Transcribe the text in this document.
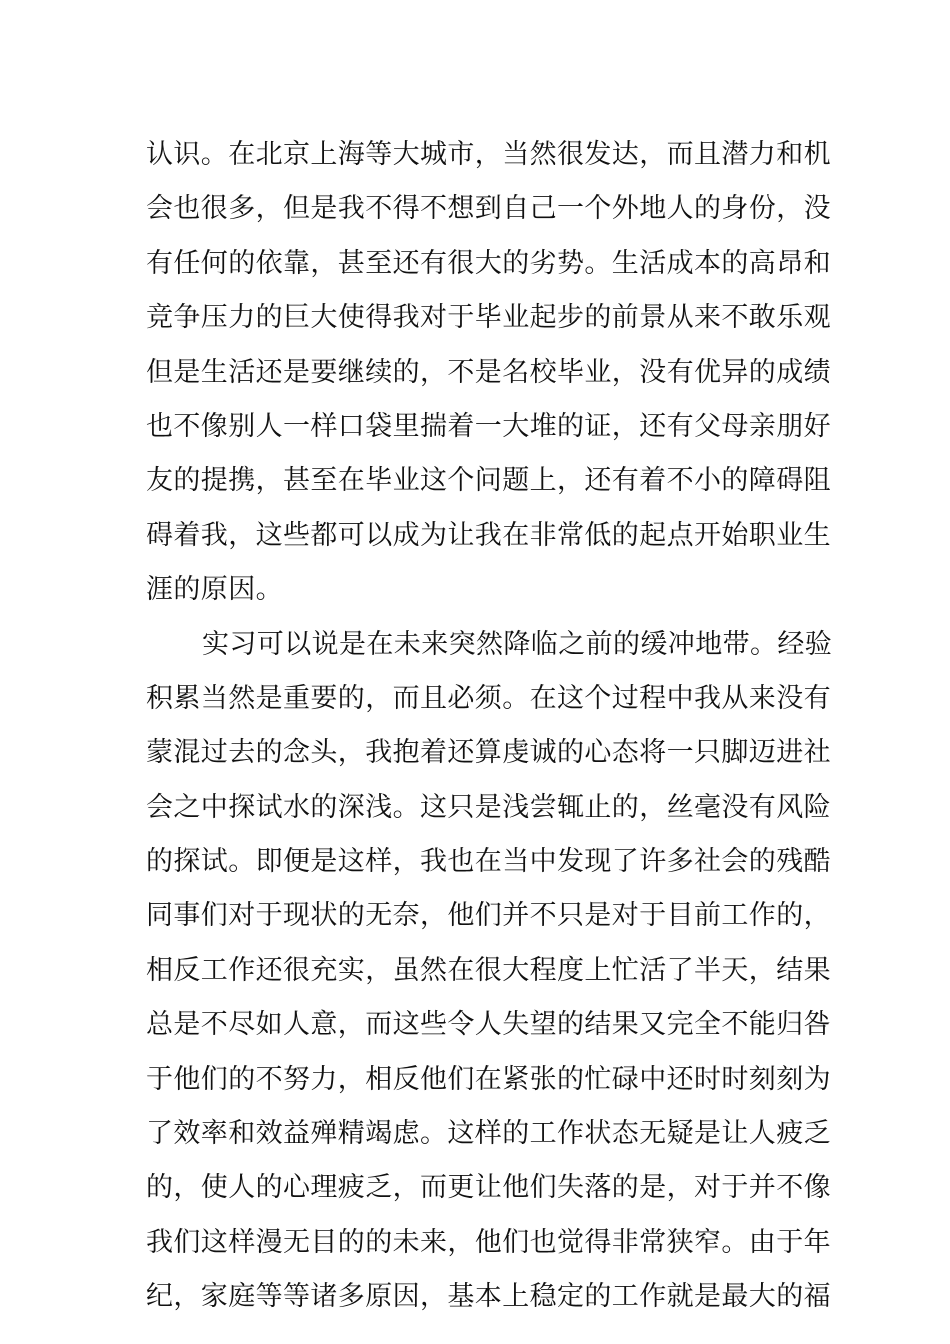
认识。在北京上海等大城市，当然很发达，而且潜力和机
会也很多，但是我不得不想到自己一个外地人的身份，没
有任何的依靠，甚至还有很大的劣势。生活成本的高昂和
竞争压力的巨大使得我对于毕业起步的前景从来不敢乐观
但是生活还是要继续的，不是名校毕业，没有优异的成绩
也不像别人一样口袋里揣着一大堆的证，还有父母亲朋好
友的提携，甚至在毕业这个问题上，还有着不小的障碍阻
碍着我，这些都可以成为让我在非常低的起点开始职业生
涯的原因。
实习可以说是在未来突然降临之前的缓冲地带。经验
积累当然是重要的，而且必须。在这个过程中我从来没有
蒙混过去的念头，我抱着还算虔诚的心态将一只脚迈进社
会之中探试水的深浅。这只是浅尝辄止的，丝毫没有风险
的探试。即便是这样，我也在当中发现了许多社会的残酷
同事们对于现状的无奈，他们并不只是对于目前工作的，
相反工作还很充实，虽然在很大程度上忙活了半天，结果
总是不尽如人意，而这些令人失望的结果又完全不能归咎
于他们的不努力，相反他们在紧张的忙碌中还时时刻刻为
了效率和效益殚精竭虑。这样的工作状态无疑是让人疲乏
的，使人的心理疲乏，而更让他们失落的是，对于并不像
我们这样漫无目的的未来，他们也觉得非常狭窄。由于年
纪，家庭等等诸多原因，基本上稳定的工作就是最大的福
